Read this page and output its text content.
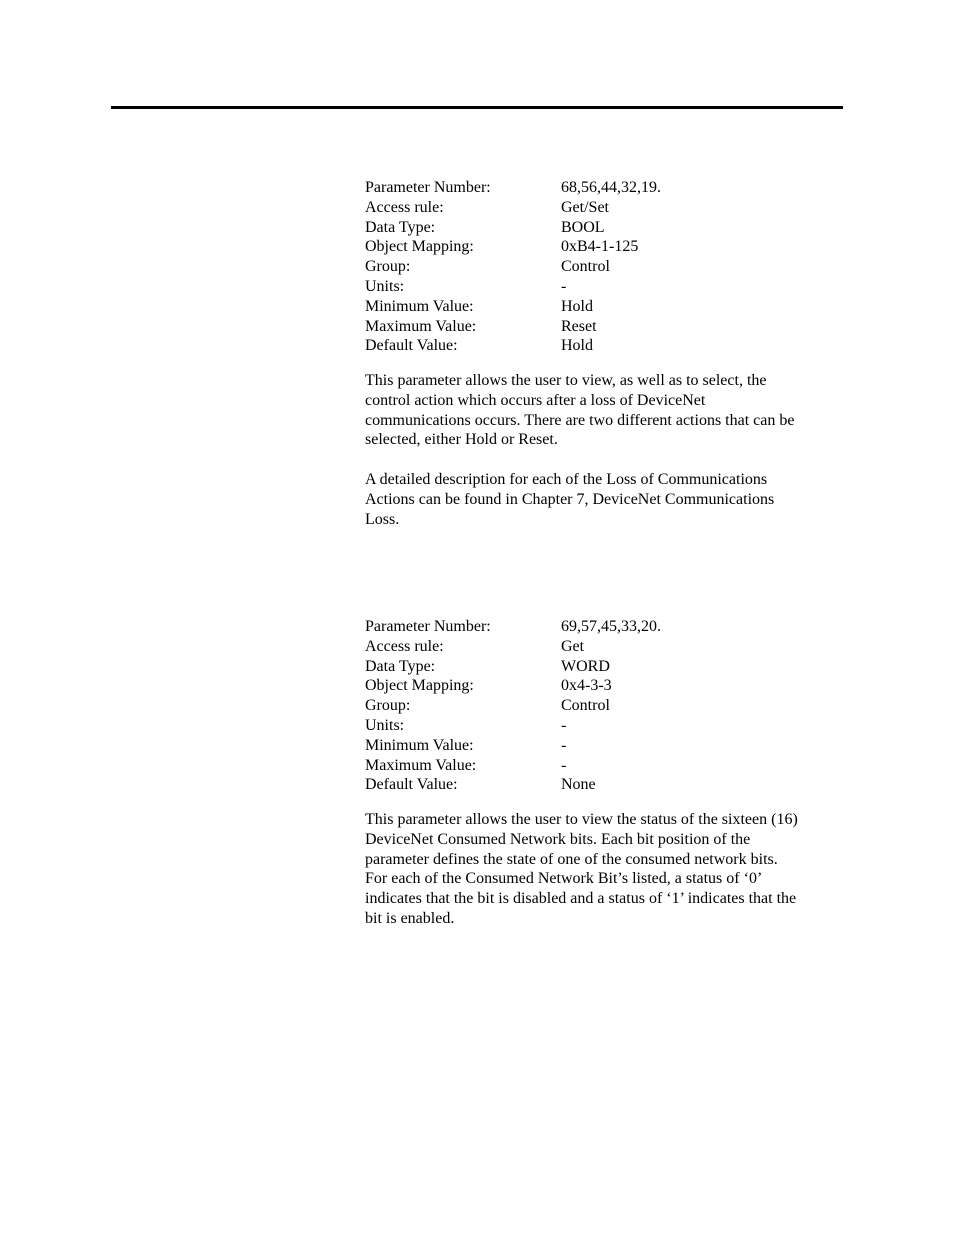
Parameter Number:	68,56,44,32,19.
Access rule:	Get/Set
Data Type:	BOOL
Object Mapping:	0xB4-1-125
Group:	Control
Units:	-
Minimum Value:	Hold
Maximum Value:	Reset
Default Value:	Hold

This parameter allows the user to view, as well as to select, the
control action which occurs after a loss of DeviceNet
communications occurs. There are two different actions that can be
selected, either Hold or Reset.

A detailed description for each of the Loss of Communications
Actions can be found in Chapter 7, DeviceNet Communications
Loss.

Parameter Number:	69,57,45,33,20.
Access rule:	Get
Data Type:	WORD
Object Mapping:	0x4-3-3
Group:	Control
Units:	-
Minimum Value:	-
Maximum Value:	-
Default Value:	None

This parameter allows the user to view the status of the sixteen (16)
DeviceNet Consumed Network bits. Each bit position of the
parameter defines the state of one of the consumed network bits.
For each of the Consumed Network Bit’s listed, a status of ‘0’
indicates that the bit is disabled and a status of ‘1’ indicates that the
bit is enabled.
